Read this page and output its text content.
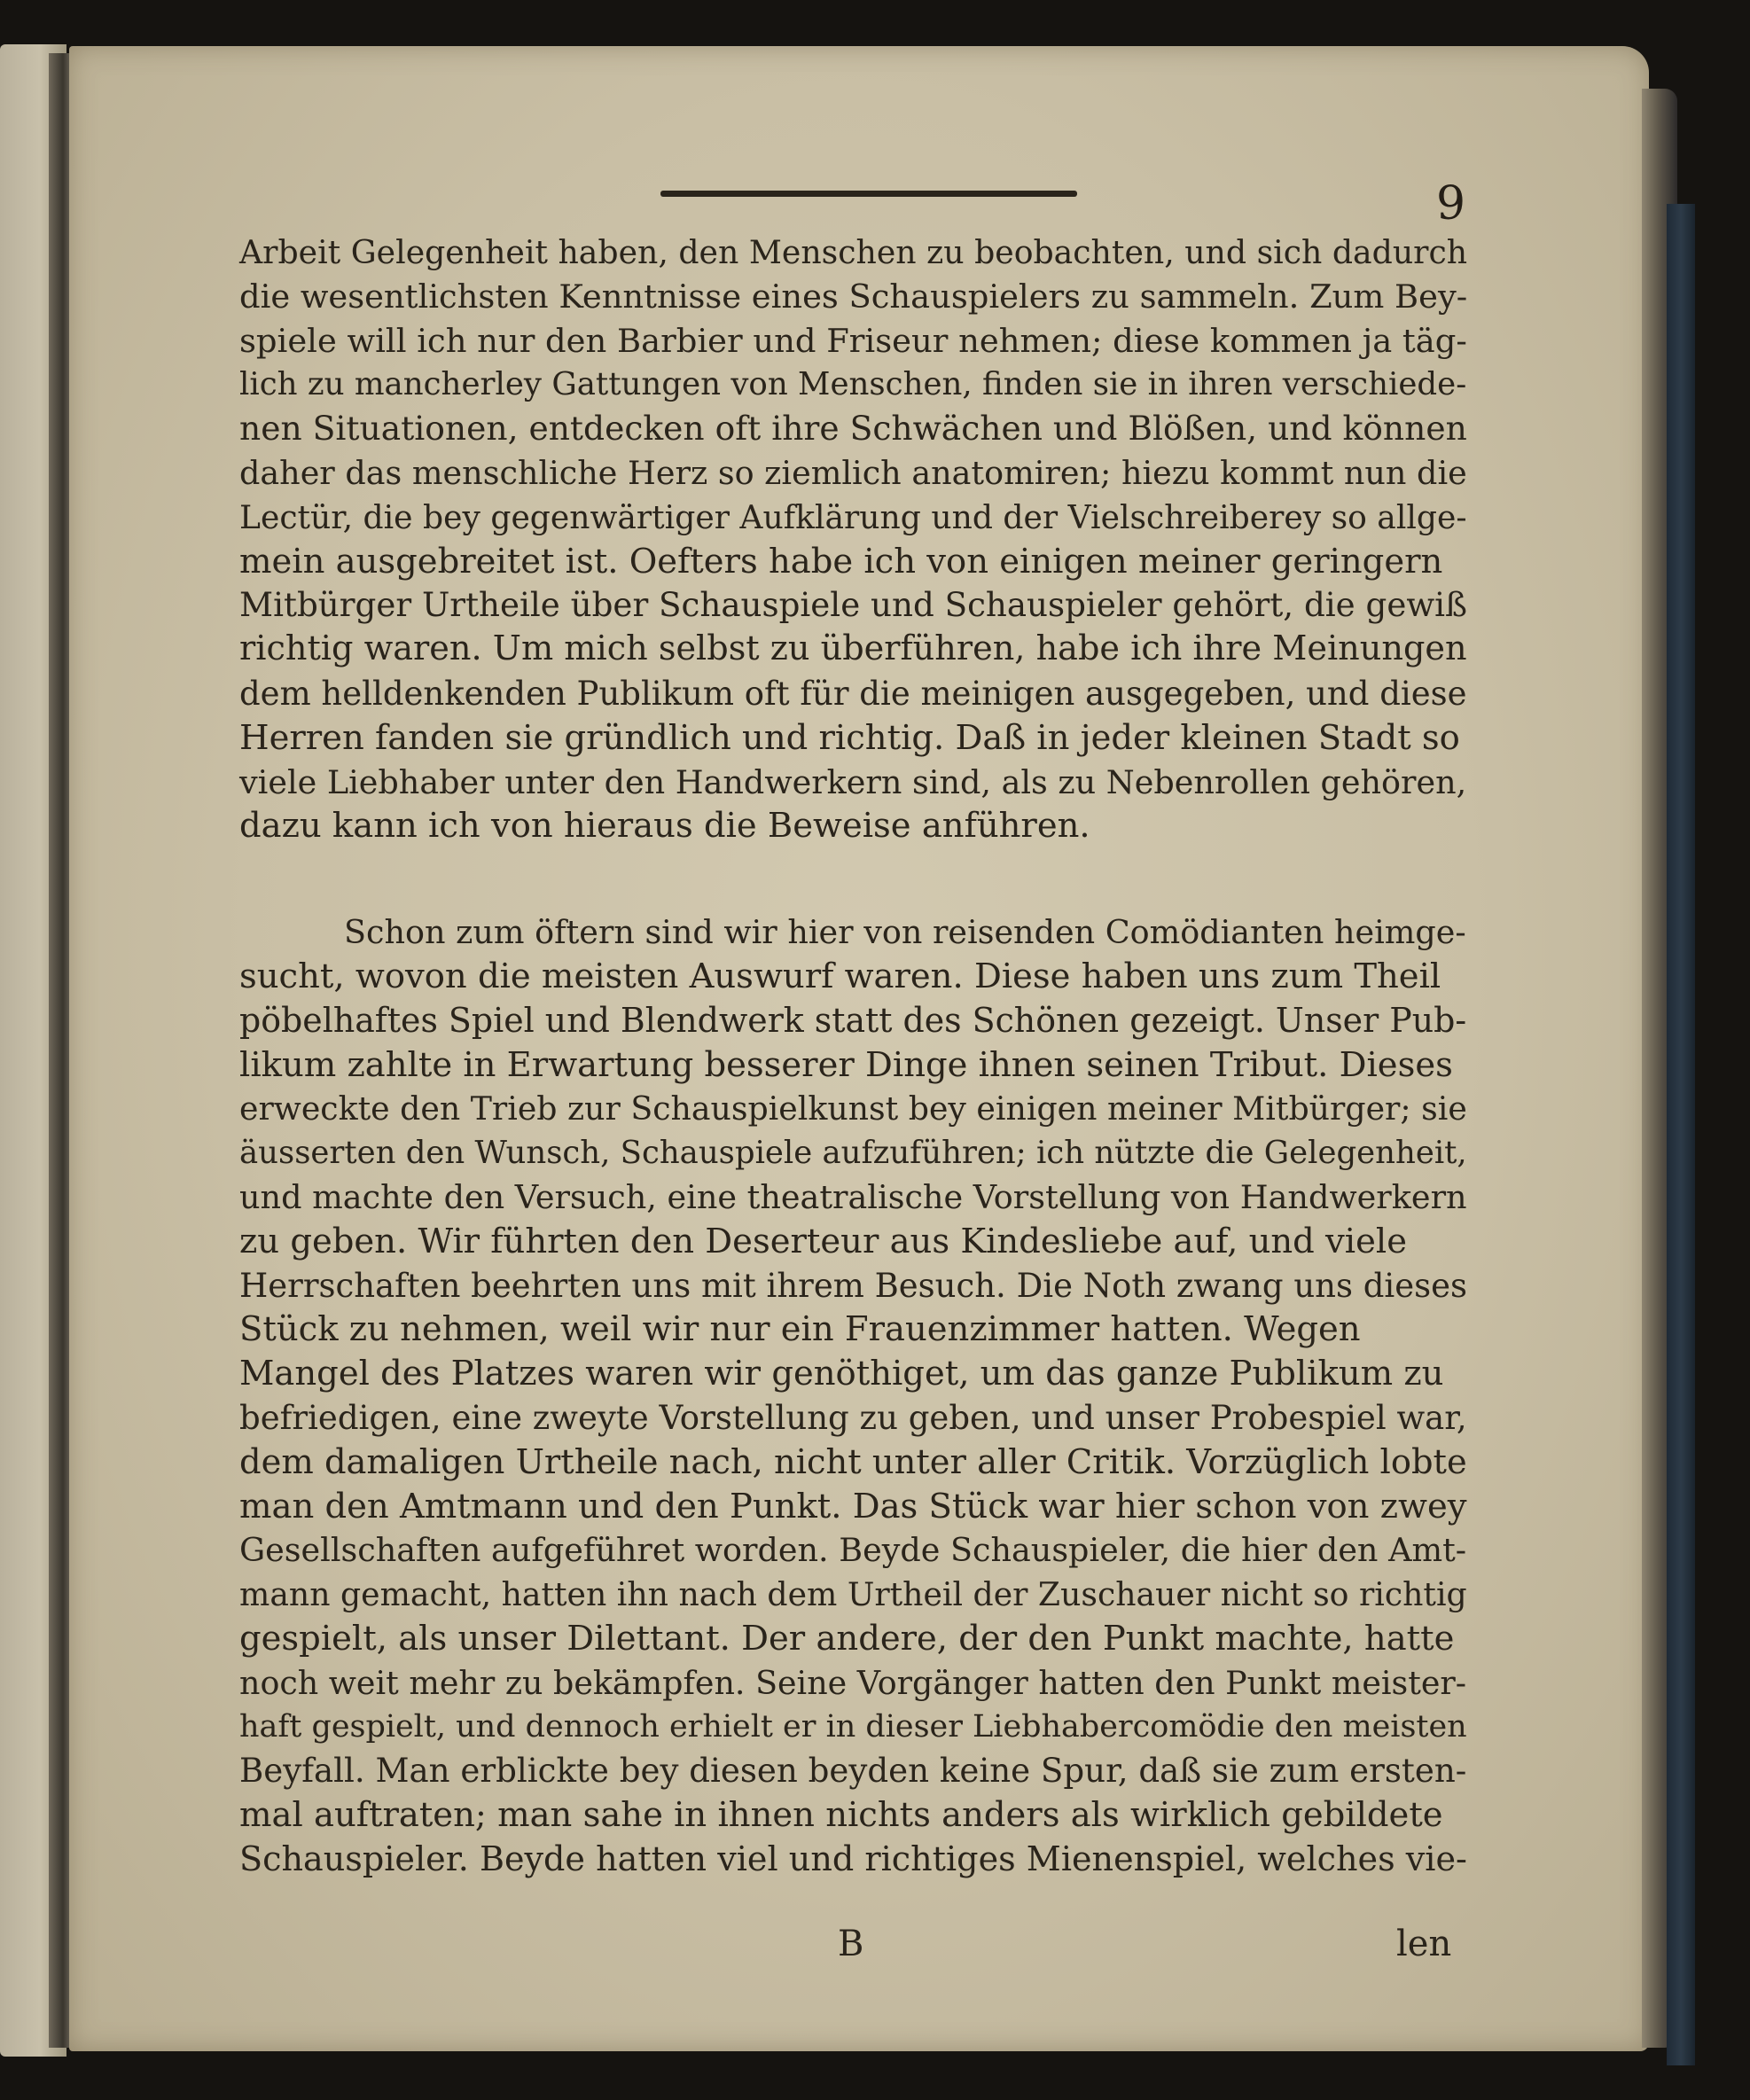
9
Arbeit Gelegenheit haben, den Menschen zu beobachten, und sich dadurch
die wesentlichsten Kenntnisse eines Schauspielers zu sammeln. Zum Bey-
spiele will ich nur den Barbier und Friseur nehmen; diese kommen ja täg-
lich zu mancherley Gattungen von Menschen, finden sie in ihren verschiede-
nen Situationen, entdecken oft ihre Schwächen und Blößen, und können
daher das menschliche Herz so ziemlich anatomiren; hiezu kommt nun die
Lectür, die bey gegenwärtiger Aufklärung und der Vielschreiberey so allge-
mein ausgebreitet ist. Oefters habe ich von einigen meiner geringern
Mitbürger Urtheile über Schauspiele und Schauspieler gehört, die gewiß
richtig waren. Um mich selbst zu überführen, habe ich ihre Meinungen
dem helldenkenden Publikum oft für die meinigen ausgegeben, und diese
Herren fanden sie gründlich und richtig. Daß in jeder kleinen Stadt so
viele Liebhaber unter den Handwerkern sind, als zu Nebenrollen gehören,
dazu kann ich von hieraus die Beweise anführen.
Schon zum öftern sind wir hier von reisenden Comödianten heimge-
sucht, wovon die meisten Auswurf waren. Diese haben uns zum Theil
pöbelhaftes Spiel und Blendwerk statt des Schönen gezeigt. Unser Pub-
likum zahlte in Erwartung besserer Dinge ihnen seinen Tribut. Dieses
erweckte den Trieb zur Schauspielkunst bey einigen meiner Mitbürger; sie
äusserten den Wunsch, Schauspiele aufzuführen; ich nützte die Gelegenheit,
und machte den Versuch, eine theatralische Vorstellung von Handwerkern
zu geben. Wir führten den Deserteur aus Kindesliebe auf, und viele
Herrschaften beehrten uns mit ihrem Besuch. Die Noth zwang uns dieses
Stück zu nehmen, weil wir nur ein Frauenzimmer hatten. Wegen
Mangel des Platzes waren wir genöthiget, um das ganze Publikum zu
befriedigen, eine zweyte Vorstellung zu geben, und unser Probespiel war,
dem damaligen Urtheile nach, nicht unter aller Critik. Vorzüglich lobte
man den Amtmann und den Punkt. Das Stück war hier schon von zwey
Gesellschaften aufgeführet worden. Beyde Schauspieler, die hier den Amt-
mann gemacht, hatten ihn nach dem Urtheil der Zuschauer nicht so richtig
gespielt, als unser Dilettant. Der andere, der den Punkt machte, hatte
noch weit mehr zu bekämpfen. Seine Vorgänger hatten den Punkt meister-
haft gespielt, und dennoch erhielt er in dieser Liebhabercomödie den meisten
Beyfall. Man erblickte bey diesen beyden keine Spur, daß sie zum ersten-
mal auftraten; man sahe in ihnen nichts anders als wirklich gebildete
Schauspieler. Beyde hatten viel und richtiges Mienenspiel, welches vie-
B	len
